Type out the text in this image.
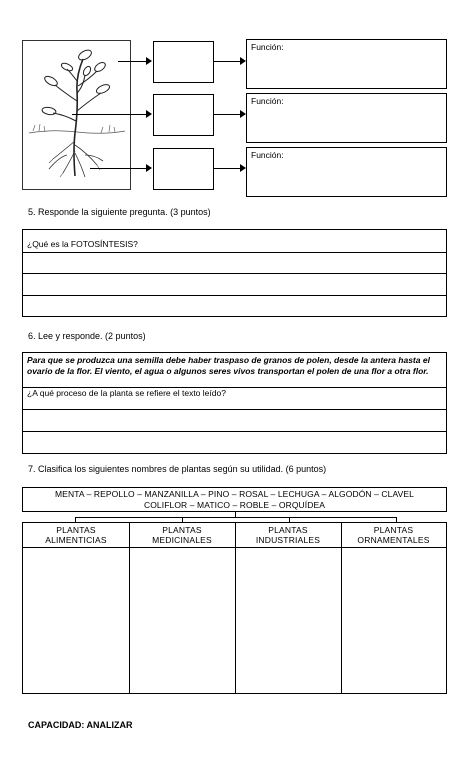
Función:
Función:
Función:
5. Responde la siguiente pregunta. (3 puntos)
¿Qué es la FOTOSÍNTESIS?
6. Lee y responde. (2 puntos)
Para que se produzca una semilla debe haber traspaso de granos de polen, desde la antera hasta el ovario de la flor. El viento, el agua o algunos seres vivos transportan el polen de una flor a otra flor.
¿A qué proceso de la planta se refiere el texto leído?
7. Clasifica los siguientes nombres de plantas según su utilidad. (6 puntos)
MENTA – REPOLLO – MANZANILLA – PINO – ROSAL – LECHUGA – ALGODÓN – CLAVEL
COLIFLOR – MATICO – ROBLE – ORQUÍDEA
PLANTAS
ALIMENTICIAS
PLANTAS
MEDICINALES
PLANTAS
INDUSTRIALES
PLANTAS
ORNAMENTALES
CAPACIDAD: ANALIZAR
